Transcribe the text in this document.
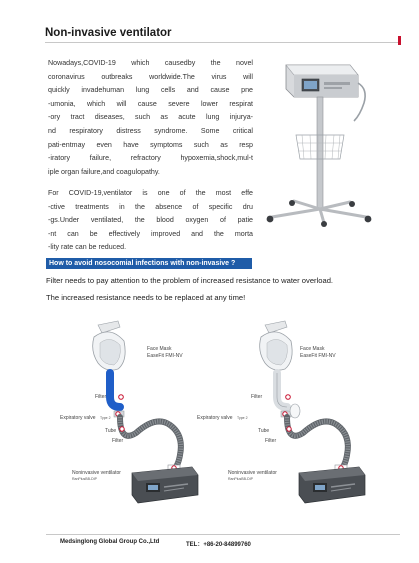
Non-invasive ventilator
Nowadays,COVID-19 which causedby the novel
coronavirus outbreaks worldwide.The virus will
quickly invadehuman lung cells and cause pne
-umonia, which will cause severe lower respirat
-ory tract diseases, such as acute lung injurya-
nd respiratory distress syndrome. Some critical
pati-entmay even have symptoms such as resp
-iratory failure, refractory hypoxemia,shock,mul-t
iple organ failure,and coagulopathy.
For COVID-19,ventilator is one of the most effe
-ctive treatments in the absence of specific dru
-gs.Under ventilated, the blood oxygen of patie
-nt can be effectively improved and the morta
-lity rate can be reduced.
How to avoid nosocomial infections with non-invasive ?
Filter needs to pay attention to the problem of increased resistance to water overload.
The increased resistance needs to be replaced at any time!
Face Mask
EaseFit FMI-NV
Filter
Expiratory valve Type 2
Tube
Filter
Noninvasive ventilator
RanPlusBB-DIP
Face Mask
EaseFit FMI-NV
Filter
Expiratory valve Type 2
Tube
Filter
Noninvasive ventilator
RanPlusBB-DIP
Medsinglong Global Group Co.,Ltd	TEL：+86-20-84899760
